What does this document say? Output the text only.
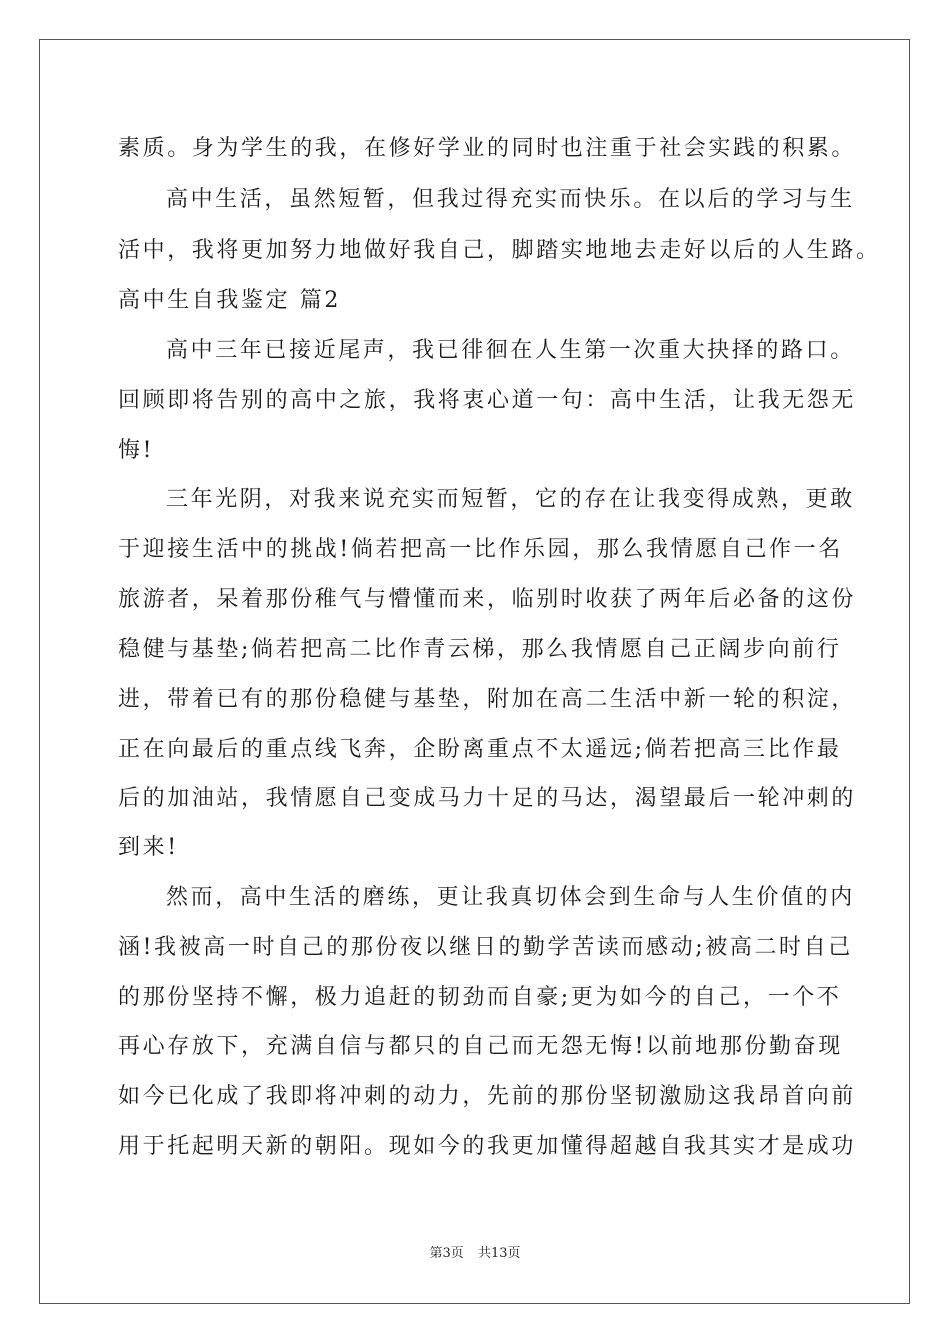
素质。身为学生的我，在修好学业的同时也注重于社会实践的积累。
高中生活，虽然短暂，但我过得充实而快乐。在以后的学习与生
活中，我将更加努力地做好我自己，脚踏实地地去走好以后的人生路。
高中生自我鉴定 篇2
高中三年已接近尾声，我已徘徊在人生第一次重大抉择的路口。
回顾即将告别的高中之旅，我将衷心道一句：高中生活，让我无怨无
悔!
三年光阴，对我来说充实而短暂，它的存在让我变得成熟，更敢
于迎接生活中的挑战!倘若把高一比作乐园，那么我情愿自己作一名
旅游者，呆着那份稚气与懵懂而来，临别时收获了两年后必备的这份
稳健与基垫;倘若把高二比作青云梯，那么我情愿自己正阔步向前行
进，带着已有的那份稳健与基垫，附加在高二生活中新一轮的积淀，
正在向最后的重点线飞奔，企盼离重点不太遥远;倘若把高三比作最
后的加油站，我情愿自己变成马力十足的马达，渴望最后一轮冲刺的
到来!
然而，高中生活的磨练，更让我真切体会到生命与人生价值的内
涵!我被高一时自己的那份夜以继日的勤学苦读而感动;被高二时自己
的那份坚持不懈，极力追赶的韧劲而自豪;更为如今的自己，一个不
再心存放下，充满自信与都只的自己而无怨无悔!以前地那份勤奋现
如今已化成了我即将冲刺的动力，先前的那份坚韧激励这我昂首向前
用于托起明天新的朝阳。现如今的我更加懂得超越自我其实才是成功
第3页 共13页
